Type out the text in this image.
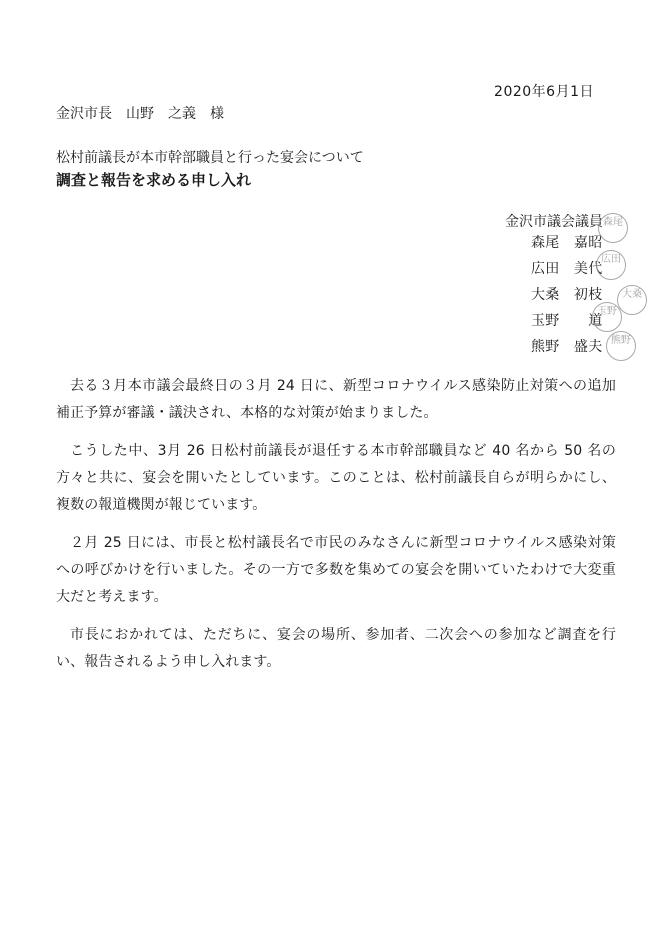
2020年6月1日
金沢市長　山野　之義　様
松村前議長が本市幹部職員と行った宴会について
調査と報告を求める申し入れ
金沢市議会議員
森尾　嘉昭
広田　美代
大桑　初枝
玉野　　道
熊野　盛夫
森尾
広田
大桑
玉野
熊野

去る３月本市議会最終日の３月 24 日に、新型コロナウイルス感染防止対策への追加補正予算が審議・議決され、本格的な対策が始まりました。

こうした中、3月 26 日松村前議長が退任する本市幹部職員など 40 名から 50 名の方々と共に、宴会を開いたとしています。このことは、松村前議長自らが明らかにし、複数の報道機関が報じています。

２月 25 日には、市長と松村議長名で市民のみなさんに新型コロナウイルス感染対策への呼びかけを行いました。その一方で多数を集めての宴会を開いていたわけで大変重大だと考えます。

市長におかれては、ただちに、宴会の場所、参加者、二次会への参加など調査を行い、報告されるよう申し入れます。
